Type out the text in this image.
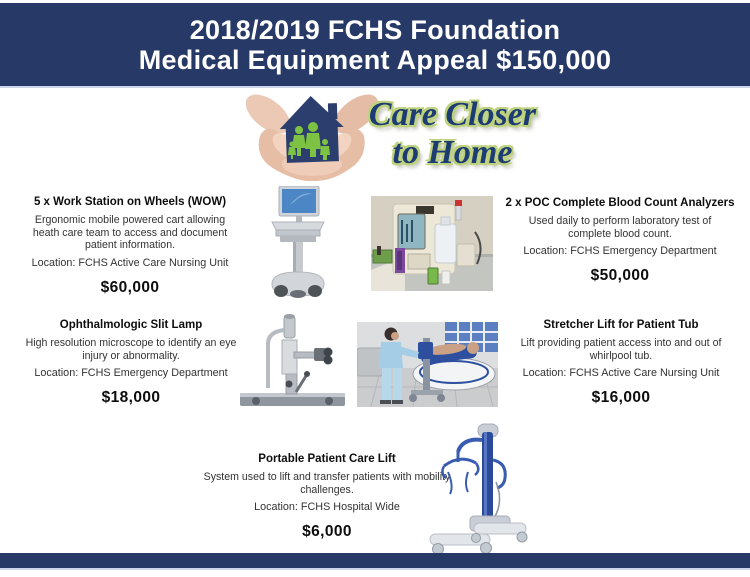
2018/2019 FCHS Foundation
Medical Equipment Appeal $150,000
Care Closer
to Home
5 x Work Station on Wheels (WOW)
Ergonomic mobile powered cart allowing heath care team to access and document patient information.
Location: FCHS Active Care Nursing Unit
$60,000
2 x POC Complete Blood Count Analyzers
Used daily to perform laboratory test of complete blood count.
Location: FCHS Emergency Department
$50,000
Ophthalmologic Slit Lamp
High resolution microscope to identify an eye injury or abnormality.
Location: FCHS Emergency Department
$18,000
Stretcher Lift for Patient Tub
Lift providing patient access into and out of whirlpool tub.
Location: FCHS Active Care Nursing Unit
$16,000
Portable Patient Care Lift
System used to lift and transfer patients with mobility challenges.
Location: FCHS Hospital Wide
$6,000
